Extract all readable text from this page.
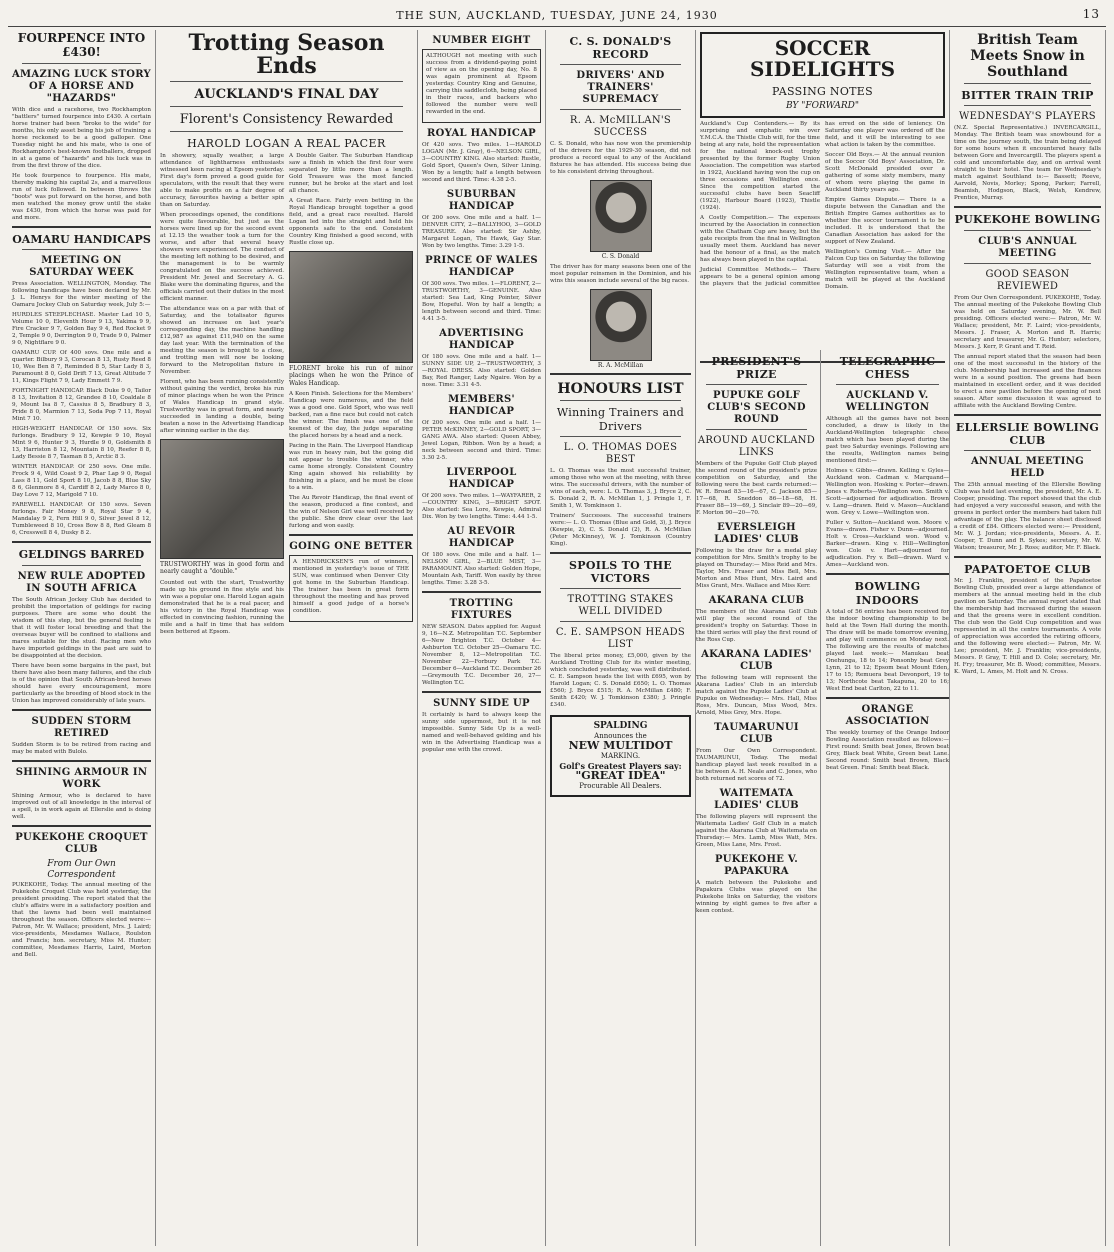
THE SUN, AUCKLAND, TUESDAY, JUNE 24, 1930	13
FOURPENCE INTO £430!
AMAZING LUCK STORY OF A HORSE AND "HAZARDS"

With dice and a racehorse, two Rockhampton "battlers" turned fourpence into £430. A certain horse trainer had been "broke to the wide" for months, his only asset being his job of training a horse reckoned to be a good galloper. One Tuesday night he and his mate, who is one of Rockhampton's best-known footballers, dropped in at a game of "hazards" and his luck was in from the first throw of the dice.

He took fourpence to fourpence. His mate, thereby making his capital 2s, and a marvellous run of luck followed. In between throws the "boots" was put forward on the horse, and both men watched the money grow until the stake was £430, from which the horse was paid for and more.

OAMARU HANDICAPS
MEETING ON SATURDAY WEEK

Press Association. WELLINGTON, Monday. The following handicaps have been declared by Mr. J. L. Henrys for the winter meeting of the Oamaru Jockey Club on Saturday week, July 5:—

HURDLES STEEPLECHASE. Master Lad 10 5, Volume 10 0, Eleventh Hour 9 13, Yakima 9 9, Fire Cracker 9 7, Golden Bay 9 4, Red Rocket 9 2, Temple 9 0, Derrington 9 0, Trade 9 0, Palmer 9 0, Nightflare 9 0.

OAMARU CUP. Of 400 sovs. One mile and a quarter. Bilbury 9 3, Corocan 8 13, Rusty Reed 8 10, Wee Ben 8 7, Reminded 8 5, Star Lady 8 3, Paramount 8 0, Gold Drift 7 13, Great Altitude 7 11, Kings Flight 7 9, Lady Emmett 7 9.

FORTNIGHT HANDICAP. Black Duke 9 0, Tailor 8 13, Invitation 8 12, Grandee 8 10, Coaldale 8 9, Mount Isa 8 7, Cassius 8 5, Bradbury 8 3, Pride 8 0, Marmion 7 13, Soda Pop 7 11, Royal Mint 7 10.

HIGH-WEIGHT HANDICAP. Of 150 sovs. Six furlongs. Bradbury 9 12, Kewpie 9 10, Royal Mint 9 6, Hunter 9 3, Hurdle 9 0, Goldsmith 8 13, Harriston 8 12, Mountain 8 10, Reefer 8 8, Lady Bessie 8 7, Tasman 8 5, Arctic 8 3.

WINTER HANDICAP. Of 250 sovs. One mile. Frock 9 4, Wild Coast 9 2, Phar Lap 9 0, Regal Lass 8 11, Gold Sport 8 10, Jacob 8 8, Blue Sky 8 6, Glenmore 8 4, Cardiff 8 2, Lady Marco 8 0, Day Love 7 12, Marigold 7 10.

FAREWELL HANDICAP. Of 150 sovs. Seven furlongs. Fair Money 9 8, Royal Star 9 4, Mandalay 9 2, Fern Hill 9 0, Silver Jewel 8 12, Tumbleweed 8 10, Cross Bow 8 8, Red Gleam 8 6, Cresswell 8 4, Dusky 8 2.

GELDINGS BARRED
NEW RULE ADOPTED IN SOUTH AFRICA

The South African Jockey Club has decided to prohibit the importation of geldings for racing purposes. There are some who doubt the wisdom of this step, but the general feeling is that it will foster local breeding and that the overseas buyer will be confined to stallions and mares suitable for the stud. Racing men who have imported geldings in the past are said to be disappointed at the decision.

There have been some bargains in the past, but there have also been many failures, and the club is of the opinion that South African-bred horses should have every encouragement, more particularly as the breeding of blood stock in the Union has improved considerably of late years.

SUDDEN STORM RETIRED

Sudden Storm is to be retired from racing and may be mated with Bulolo.

SHINING ARMOUR IN WORK

Shining Armour, who is declared to have improved out of all knowledge in the interval of a spell, is in work again at Ellerslie and is doing well.

PUKEKOHE CROQUET CLUB
From Our Own Correspondent

PUKEKOHE, Today. The annual meeting of the Pukekohe Croquet Club was held yesterday, the president presiding. The report stated that the club's affairs were in a satisfactory position and that the lawns had been well maintained throughout the season. Officers elected were:— Patron, Mr. W. Wallace; president, Mrs. J. Laird; vice-presidents, Mesdames Wallace, Roulston and Francis; hon. secretary, Miss M. Hunter; committee, Mesdames Harris, Laird, Morton and Bell.

Trotting Season Ends
AUCKLAND'S FINAL DAY
Florent's Consistency Rewarded
HAROLD LOGAN A REAL PACER

In showery, squally weather, a large attendance of lightharness enthusiasts witnessed keen racing at Epsom yesterday. First day's form proved a good guide for speculators, with the result that they were able to make profits on a fair degree of accuracy, favourites having a better spin than on Saturday.

When proceedings opened, the conditions were quite favourable, but just as the horses were lined up for the second event at 12.15 the weather took a turn for the worse, and after that several heavy showers were experienced. The conduct of the meeting left nothing to be desired, and the management is to be warmly congratulated on the success achieved. President Mr. Jewel and Secretary A. G. Blake were the dominating figures, and the officials carried out their duties in the most efficient manner.

The attendance was on a par with that of Saturday, and the totalisator figures showed an increase on last year's corresponding day, the machine handling £12,987 as against £11,940 on the same day last year. With the termination of the meeting the season is brought to a close, and trotting men will now be looking forward to the Metropolitan fixture in November.

Florent, who has been running consistently without gaining the verdict, broke his run of minor placings when he won the Prince of Wales Handicap in grand style. Trustworthy was in great form, and nearly succeeded in landing a double, being beaten a nose in the Advertising Handicap after winning earlier in the day.

TRUSTWORTHY was in good form and nearly caught a "double."

Counted out with the start, Trustworthy made up his ground in fine style and his win was a popular one. Harold Logan again demonstrated that he is a real pacer, and his victory in the Royal Handicap was effected in convincing fashion, running the mile and a half in time that has seldom been bettered at Epsom.

A Double Gaiter. The Suburban Handicap saw a finish in which the first four were separated by little more than a length. Gold Treasure was the most fancied runner, but he broke at the start and lost all chance.

A Great Race. Fairly even betting in the Royal Handicap brought together a good field, and a great race resulted. Harold Logan led into the straight and held his opponents safe to the end. Consistent Country King finished a good second, with Rustle close up.

FLORENT broke his run of minor placings when he won the Prince of Wales Handicap.

A Keen Finish. Selections for the Members' Handicap were numerous, and the field was a good one. Gold Sport, who was well backed, ran a fine race but could not catch the winner. The finish was one of the keenest of the day, the judge separating the placed horses by a head and a neck.

Pacing in the Rain. The Liverpool Handicap was run in heavy rain, but the going did not appear to trouble the winner, who came home strongly. Consistent Country King again showed his reliability by finishing in a place, and he must be close to a win.

The Au Revoir Handicap, the final event of the season, produced a fine contest, and the win of Nelson Girl was well received by the public. She drew clear over the last furlong and won easily.

GOING ONE BETTER

A HENDRICKSEN'S run of winners, mentioned in yesterday's issue of THE SUN, was continued when Denver City got home in the Suburban Handicap. The trainer has been in great form throughout the meeting and has proved himself a good judge of a horse's condition.

NUMBER EIGHT

ALTHOUGH not meeting with such success from a dividend-paying point of view as on the opening day, No. 8 was again prominent at Epsom yesterday. Country King and Genuine, carrying this saddlecloth, being placed in their races, and backers who followed the number were well rewarded in the end.

ROYAL HANDICAP

Of 420 sovs. Two miles. 1—HAROLD LOGAN (Mr. J. Gray), 6—NELSON GIRL, 3—COUNTRY KING. Also started: Rustle, Gold Sport, Queen's Own, Silver Lining. Won by a length; half a length between second and third. Time: 4.38 2-5.

SUBURBAN HANDICAP

Of 200 sovs. One mile and a half. 1—DENVER CITY, 2—BALLYHOO, 3—GOLD TREASURE. Also started: Sir Ashby, Margaret Logan, The Hawk, Gay Star. Won by two lengths. Time: 3.29 1-5.

PRINCE OF WALES HANDICAP

Of 300 sovs. Two miles. 1—FLORENT, 2—TRUSTWORTHY, 3—GENUINE. Also started: Sea Lad, King Pointer, Silver Bow, Hopeful. Won by half a length; a length between second and third. Time: 4.41 3-5.

ADVERTISING HANDICAP

Of 180 sovs. One mile and a half. 1—SUNNY SIDE UP, 2—TRUSTWORTHY, 3—ROYAL DRESS. Also started: Golden Bay, Red Ranger, Lady Ngaire. Won by a nose. Time: 3.31 4-5.

MEMBERS' HANDICAP

Of 200 sovs. One mile and a half. 1—PETER McKINNEY, 2—GOLD SPORT, 3—GANG AWA. Also started: Queen Abbey, Jewel Logan, Ribbon. Won by a head; a neck between second and third. Time: 3.30 2-5.

LIVERPOOL HANDICAP

Of 200 sovs. Two miles. 1—WAYFARER, 2—COUNTRY KING, 3—BRIGHT SPOT. Also started: Sea Lore, Kewpie, Admiral Dix. Won by two lengths. Time: 4.44 1-5.

AU REVOIR HANDICAP

Of 180 sovs. One mile and a half. 1—NELSON GIRL, 2—BLUE MIST, 3—PARAMOUNT. Also started: Golden Hope, Mountain Ash, Tariff. Won easily by three lengths. Time: 3.28 3-5.

TROTTING FIXTURES

NEW SEASON. Dates applied for. August 9, 16—N.Z. Metropolitan T.C. September 6—New Brighton T.C. October 4—Ashburton T.C. October 25—Oamaru T.C. November 8, 12—Metropolitan T.C. November 22—Forbury Park T.C. December 6—Auckland T.C. December 26—Greymouth T.C. December 26, 27—Wellington T.C.

SUNNY SIDE UP

It certainly is hard to always keep the sunny side uppermost, but it is not impossible. Sunny Side Up is a well-named and well-behaved gelding and his win in the Advertising Handicap was a popular one with the crowd.

C. S. DONALD'S RECORD
DRIVERS' AND TRAINERS' SUPREMACY
R. A. McMILLAN'S SUCCESS

C. S. Donald, who has now won the premiership of the drivers for the 1929-30 season, did not produce a record equal to any of the Auckland fixtures he has attended. His success being due to his consistent driving throughout.

C. S. Donald

The driver has for many seasons been one of the most popular reinsmen in the Dominion, and his wins this season include several of the big races.

R. A. McMillan

HONOURS LIST
Winning Trainers and Drivers
L. O. THOMAS DOES BEST

L. O. Thomas was the most successful trainer, among those who won at the meeting, with three wins. The successful drivers, with the number of wins of each, were: L. O. Thomas 3, J. Bryce 2, C. S. Donald 2, R. A. McMillan 1, J. Pringle 1, F. Smith 1, W. Tomkinson 1.

Trainers' Successes. The successful trainers were:— L. O. Thomas (Blue and Gold, 3), J. Bryce (Kewpie, 2), C. S. Donald (2), R. A. McMillan (Peter McKinney), W. J. Tomkinson (Country King).

SPOILS TO THE VICTORS
TROTTING STAKES WELL DIVIDED
C. E. SAMPSON HEADS LIST

The liberal prize money, £5,000, given by the Auckland Trotting Club for its winter meeting, which concluded yesterday, was well distributed. C. E. Sampson heads the list with £695, won by Harold Logan; C. S. Donald £650; L. O. Thomas £560; J. Bryce £515; R. A. McMillan £480; F. Smith £420; W. J. Tomkinson £380; J. Pringle £340.

SPALDING
Announces the
NEW MULTIDOT
MARKING.
Golf's Greatest Players say:
"GREAT IDEA"
Procurable All Dealers.
SOCCER SIDELIGHTS
PASSING NOTES
BY "FORWARD"

Auckland's Cup Contenders.— By its surprising and emphatic win over Y.M.C.A. the Thistle Club will, for the time being at any rate, hold the representation for the national knock-out trophy presented by the former Rugby Union Association. The competition was started in 1922, Auckland having won the cup on three occasions and Wellington once. Since the competition started the successful clubs have been Seacliff (1922), Harbour Board (1923), Thistle (1924).

A Costly Competition.— The expenses incurred by the Association in connection with the Chatham Cup are heavy, but the gate receipts from the final in Wellington usually meet them. Auckland has never had the honour of a final, as the match has always been played in the capital.

Judicial Committee Methods.— There appears to be a general opinion among the players that the judicial committee has erred on the side of leniency. On Saturday one player was ordered off the field, and it will be interesting to see what action is taken by the committee.

Soccer Old Boys.— At the annual reunion of the Soccer Old Boys' Association, Dr. Scott McDonald presided over a gathering of some sixty members, many of whom were playing the game in Auckland thirty years ago.

Empire Games Dispute.— There is a dispute between the Canadian and the British Empire Games authorities as to whether the soccer tournament is to be included. It is understood that the Canadian Association has asked for the support of New Zealand.

Wellington's Coming Visit.— After the Falcon Cup ties on Saturday the following Saturday will see a visit from the Wellington representative team, when a match will be played at the Auckland Domain.

PRESIDENT'S PRIZE
PUPUKE GOLF CLUB'S SECOND ROUND
AROUND AUCKLAND LINKS

Members of the Pupuke Golf Club played the second round of the president's prize competition on Saturday, and the following were the best cards returned:— W. R. Broad 83—16—67, C. Jackson 85—17—68, R. Sneddon 86—18—68, H. Fraser 88—19—69, J. Sinclair 89—20—69, F. Morton 90—20—70.

EVERSLEIGH LADIES' CLUB

Following is the draw for a medal play competition for Mrs. Smith's trophy to be played on Thursday:— Miss Reid and Mrs. Taylor, Mrs. Fraser and Miss Bell, Mrs. Morton and Miss Hunt, Mrs. Laird and Miss Grant, Mrs. Wallace and Miss Kerr.

AKARANA CLUB

The members of the Akarana Golf Club will play the second round of the president's trophy on Saturday. Those in the third series will play the first round of the Ross Cup.

AKARANA LADIES' CLUB

The following team will represent the Akarana Ladies' Club in an interclub match against the Pupuke Ladies' Club at Pupuke on Wednesday:— Mrs. Hall, Miss Ross, Mrs. Duncan, Miss Wood, Mrs. Arnold, Miss Grey, Mrs. Hope.

TAUMARUNUI CLUB

From Our Own Correspondent. TAUMARUNUI, Today. The medal handicap played last week resulted in a tie between A. H. Neale and C. Jones, who both returned net scores of 72.

WAITEMATA LADIES' CLUB

The following players will represent the Waitemata Ladies' Golf Club in a match against the Akarana Club at Waitemata on Thursday:— Mrs. Lamb, Miss Watt, Mrs. Green, Miss Lane, Mrs. Frost.

PUKEKOHE V. PAPAKURA

A match between the Pukekohe and Papakura Clubs was played on the Pukekohe links on Saturday, the visitors winning by eight games to five after a keen contest.

TELEGRAPHIC CHESS
AUCKLAND V. WELLINGTON

Although all the games have not been concluded, a draw is likely in the Auckland-Wellington telegraphic chess match which has been played during the past two Saturday evenings. Following are the results, Wellington names being mentioned first:—

Holmes v. Gibbs—drawn. Kelling v. Gyles—Auckland won. Cadman v. Marquand—Wellington won. Hosking v. Porter—drawn. Jones v. Roberts—Wellington won. Smith v. Scott—adjourned for adjudication. Brown v. Lang—drawn. Reid v. Mason—Auckland won. Grey v. Lowe—Wellington won.

Fuller v. Sutton—Auckland won. Moore v. Evans—drawn. Fisher v. Dunn—adjourned. Holt v. Cross—Auckland won. Wood v. Barker—drawn. King v. Hill—Wellington won. Cole v. Hart—adjourned for adjudication. Fry v. Bell—drawn. Ward v. Ames—Auckland won.

BOWLING INDOORS

A total of 56 entries has been received for the indoor bowling championship to be held at the Town Hall during the month. The draw will be made tomorrow evening, and play will commence on Monday next. The following are the results of matches played last week:— Manukau beat Onehunga, 18 to 14; Ponsonby beat Grey Lynn, 21 to 12; Epsom beat Mount Eden, 17 to 15; Remuera beat Devonport, 19 to 13; Northcote beat Takapuna, 20 to 16; West End beat Carlton, 22 to 11.

ORANGE ASSOCIATION

The weekly tourney of the Orange Indoor Bowling Association resulted as follows:— First round: Smith beat Jones, Brown beat Grey, Black beat White, Green beat Lane. Second round: Smith beat Brown, Black beat Green. Final: Smith beat Black.

British Team Meets Snow in Southland
BITTER TRAIN TRIP
WEDNESDAY'S PLAYERS

(N.Z. Special Representative.) INVERCARGILL, Monday. The British team was snowbound for a time on the journey south, the train being delayed for some hours when it encountered heavy falls between Gore and Invercargill. The players spent a cold and uncomfortable day, and on arrival went straight to their hotel. The team for Wednesday's match against Southland is:— Bassett; Reeve, Aarvold, Novis, Morley; Spong, Parker; Farrell, Beamish, Hodgson, Black, Welsh, Kendrew, Prentice, Murray.

PUKEKOHE BOWLING
CLUB'S ANNUAL MEETING
GOOD SEASON REVIEWED

From Our Own Correspondent. PUKEKOHE, Today. The annual meeting of the Pukekohe Bowling Club was held on Saturday evening, Mr. W. Bell presiding. Officers elected were:— Patron, Mr. W. Wallace; president, Mr. F. Laird; vice-presidents, Messrs. J. Fraser, A. Morton and R. Harris; secretary and treasurer, Mr. G. Hunter; selectors, Messrs. J. Kerr, P. Grant and T. Reid.

The annual report stated that the season had been one of the most successful in the history of the club. Membership had increased and the finances were in a sound position. The greens had been maintained in excellent order, and it was decided to erect a new pavilion before the opening of next season. After some discussion it was agreed to affiliate with the Auckland Bowling Centre.

ELLERSLIE BOWLING CLUB
ANNUAL MEETING HELD

The 25th annual meeting of the Ellerslie Bowling Club was held last evening, the president, Mr. A. E. Cooper, presiding. The report showed that the club had enjoyed a very successful season, and with the greens in perfect order the members had taken full advantage of the play. The balance sheet disclosed a credit of £84. Officers elected were:— President, Mr. W. J. Jordan; vice-presidents, Messrs. A. E. Cooper, T. Dunn and R. Sykes; secretary, Mr. W. Watson; treasurer, Mr. J. Ross; auditor, Mr. F. Black.

PAPATOETOE CLUB

Mr. J. Franklin, president of the Papatoetoe Bowling Club, presided over a large attendance of members at the annual meeting held in the club pavilion on Saturday. The annual report stated that the membership had increased during the season and that the greens were in excellent condition. The club won the Gold Cup competition and was represented in all the centre tournaments. A vote of appreciation was accorded the retiring officers, and the following were elected:— Patron, Mr. W. Lee; president, Mr. J. Franklin; vice-presidents, Messrs. P. Gray, T. Hill and D. Cole; secretary, Mr. H. Fry; treasurer, Mr. B. Wood; committee, Messrs. K. Ward, L. Ames, M. Holt and N. Cross.
